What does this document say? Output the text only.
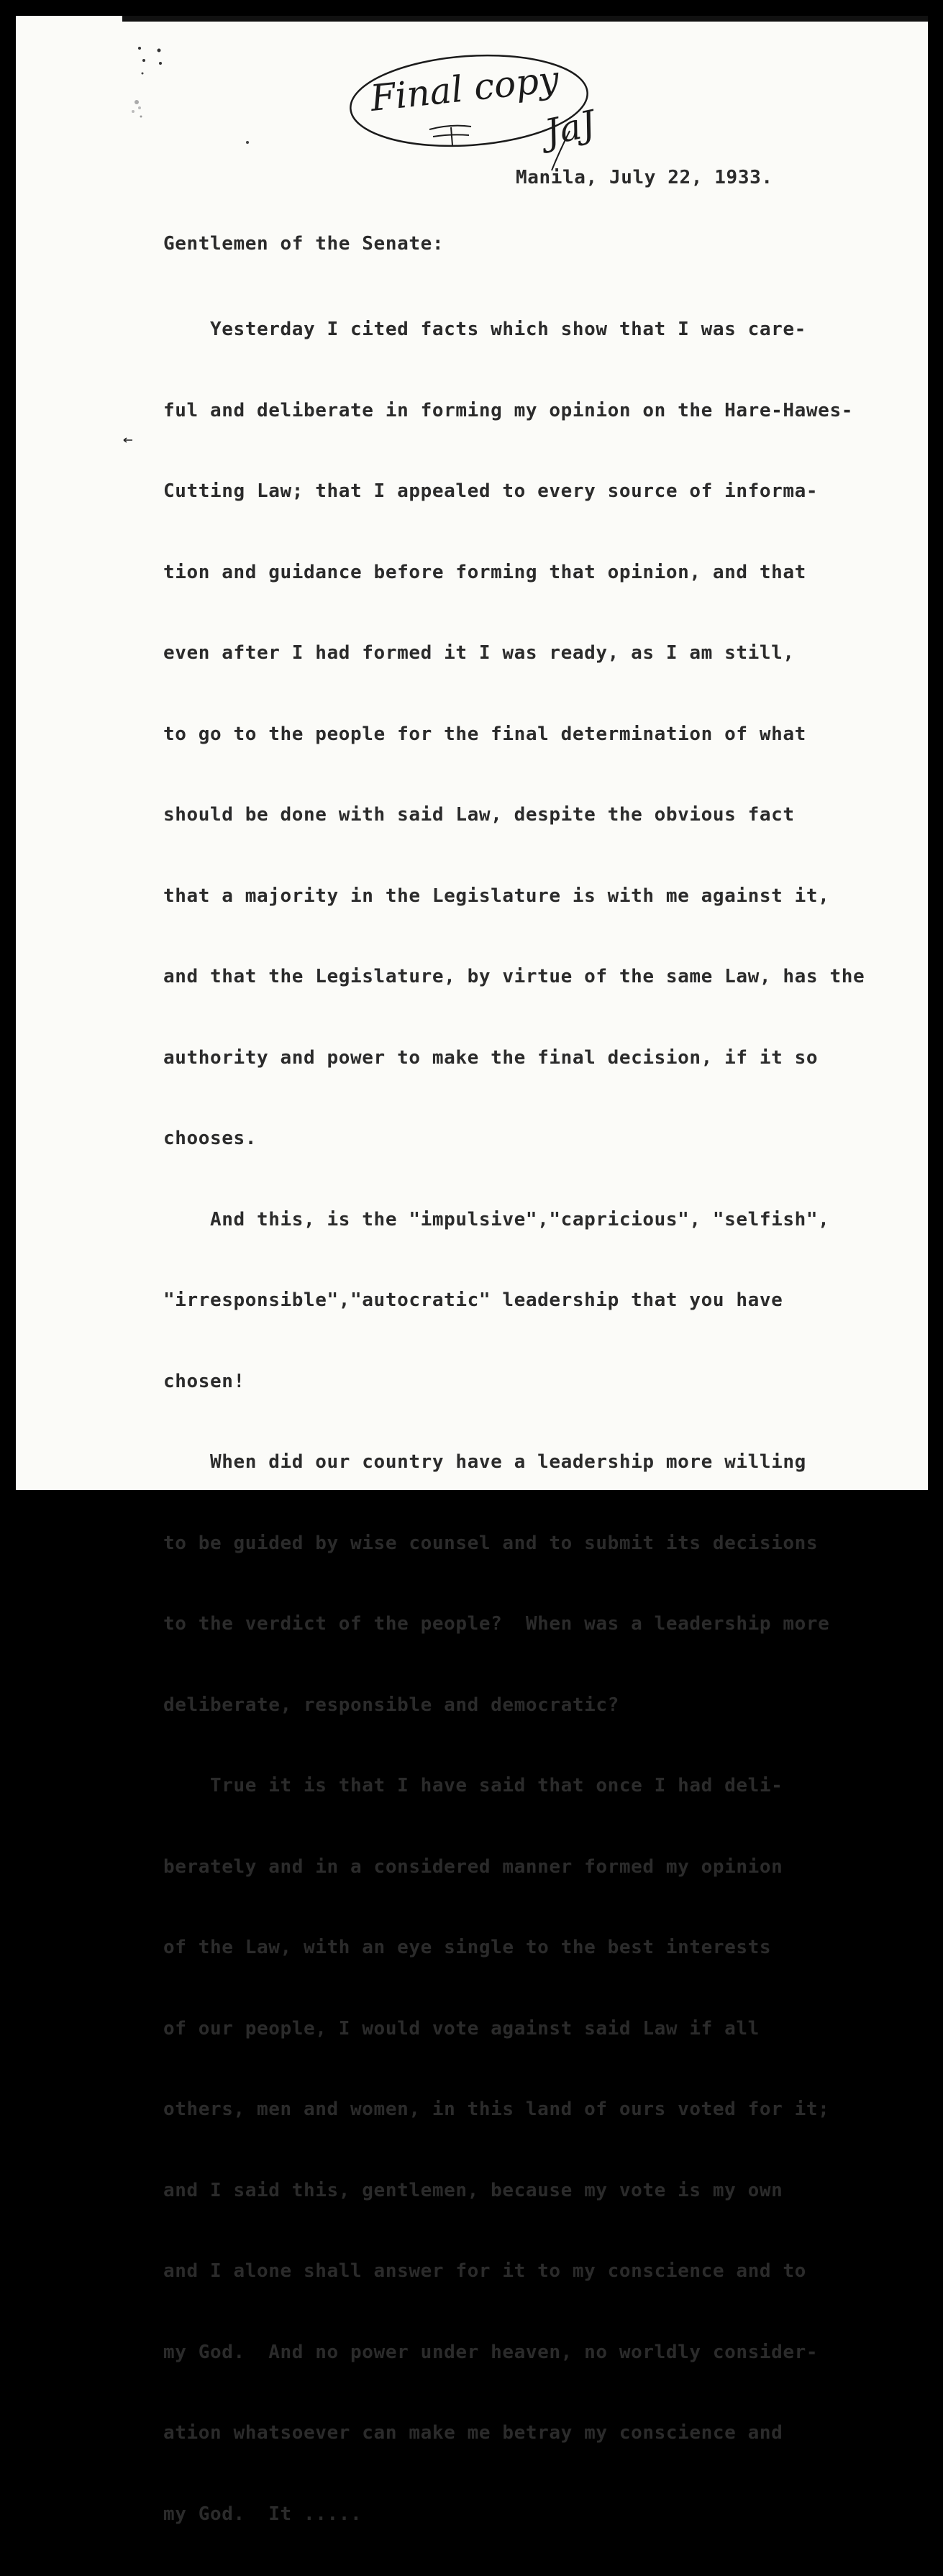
Final copy
JaJ
Manila, July 22, 1933.
Gentlemen of the Senate:

Yesterday I cited facts which show that I was care-

ful and deliberate in forming my opinion on the Hare-Hawes-

Cutting Law; that I appealed to every source of informa-

tion and guidance before forming that opinion, and that

even after I had formed it I was ready, as I am still,

to go to the people for the final determination of what

should be done with said Law, despite the obvious fact

that a majority in the Legislature is with me against it,

and that the Legislature, by virtue of the same Law, has the

authority and power to make the final decision, if it so

chooses.

And this, is the "impulsive","capricious", "selfish",

"irresponsible","autocratic" leadership that you have

chosen!

When did our country have a leadership more willing

to be guided by wise counsel and to submit its decisions

to the verdict of the people?  When was a leadership more

deliberate, responsible and democratic?

True it is that I have said that once I had deli-

berately and in a considered manner formed my opinion

of the Law, with an eye single to the best interests

of our people, I would vote against said Law if all

others, men and women, in this land of ours voted for it;

and I said this, gentlemen, because my vote is my own

and I alone shall answer for it to my conscience and to

my God.  And no power under heaven, no worldly consider-

ation whatsoever can make me betray my conscience and

my God.  It .....
